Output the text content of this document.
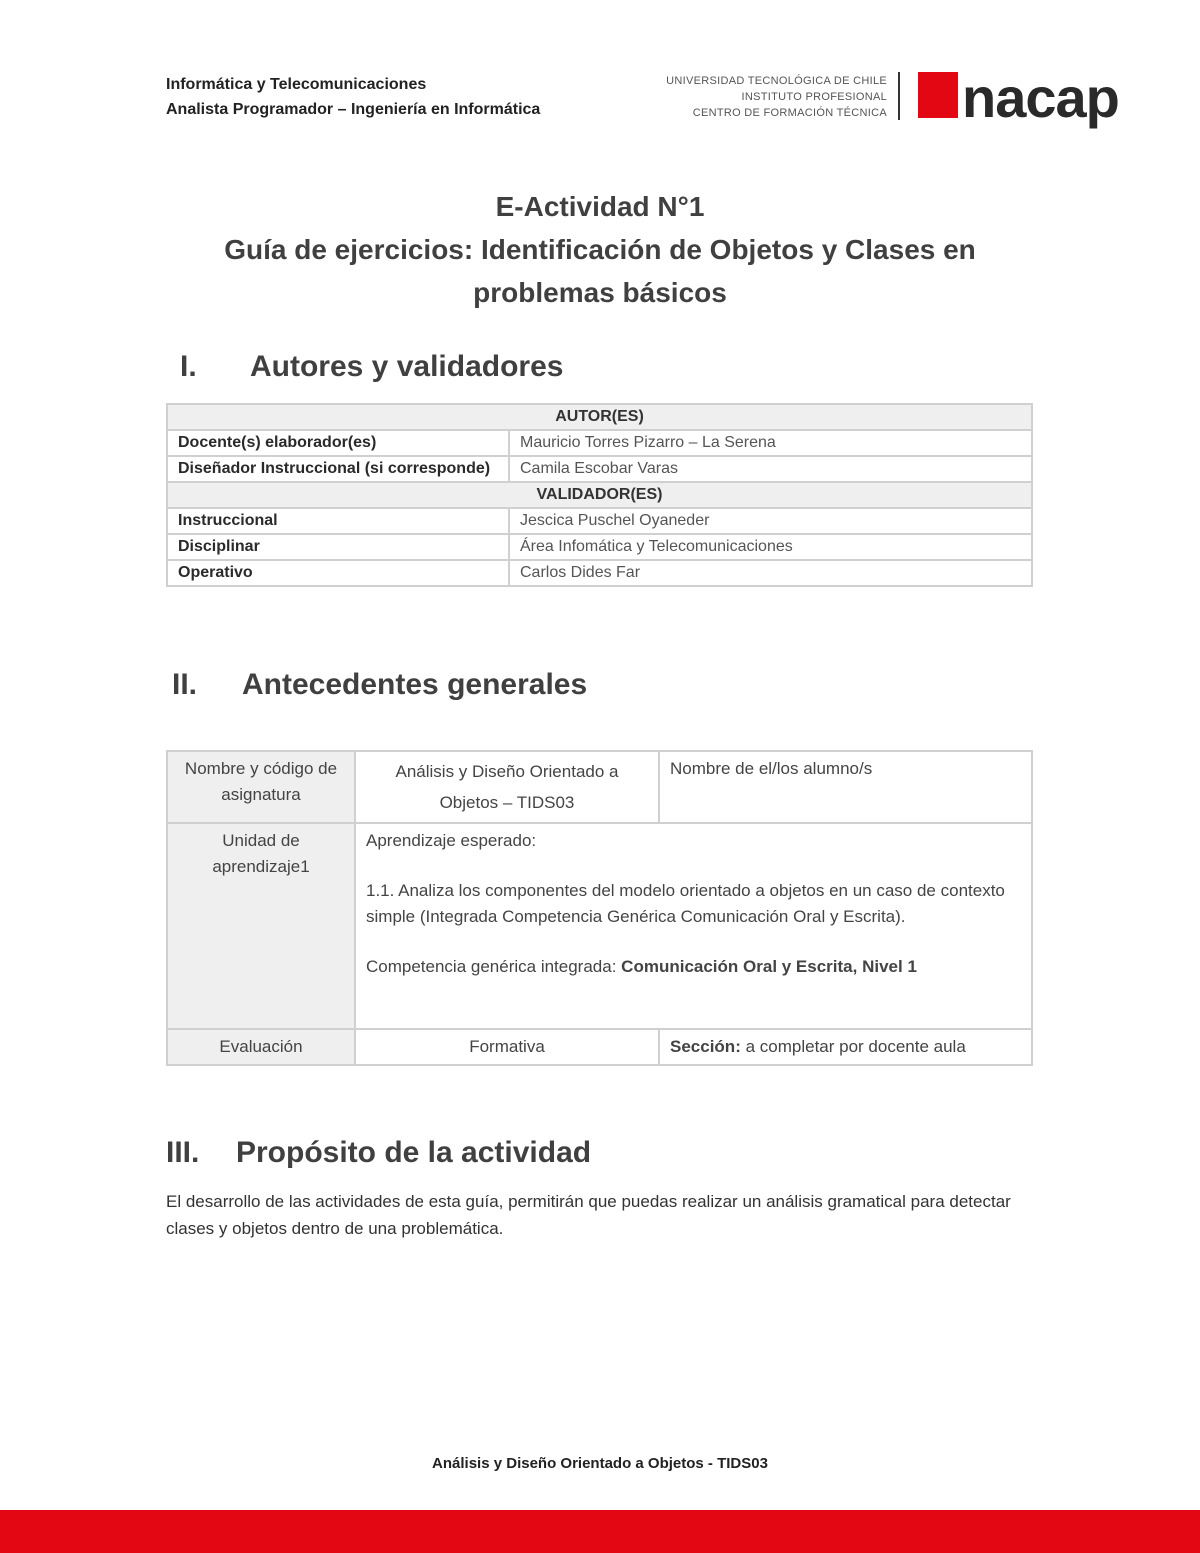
Informática y Telecomunicaciones
Analista Programador – Ingeniería en Informática
UNIVERSIDAD TECNOLÓGICA DE CHILE
INSTITUTO PROFESIONAL
CENTRO DE FORMACIÓN TÉCNICA nacap
E-Actividad N°1
Guía de ejercicios: Identificación de Objetos y Clases en
problemas básicos
I. Autores y validadores
AUTOR(ES)	
Docente(s) elaborador(es)	Mauricio Torres Pizarro – La Serena
Diseñador Instruccional (si corresponde)	Camila Escobar Varas
VALIDADOR(ES)	
Instruccional	Jescica Puschel Oyaneder
Disciplinar	Área Infomática y Telecomunicaciones
Operativo	Carlos Dides Far
II. Antecedentes generales
Nombre y código de asignatura	Análisis y Diseño Orientado a Objetos – TIDS03	Nombre de el/los alumno/s
Unidad de aprendizaje1	Aprendizaje esperado:
1.1. Analiza los componentes del modelo orientado a objetos en un caso de contexto simple (Integrada Competencia Genérica Comunicación Oral y Escrita).
Competencia genérica integrada: Comunicación Oral y Escrita, Nivel 1	

Evaluación	Formativa	Sección: a completar por docente aula
III. Propósito de la actividad
El desarrollo de las actividades de esta guía, permitirán que puedas realizar un análisis gramatical para detectar clases y objetos dentro de una problemática.
Análisis y Diseño Orientado a Objetos - TIDS03
